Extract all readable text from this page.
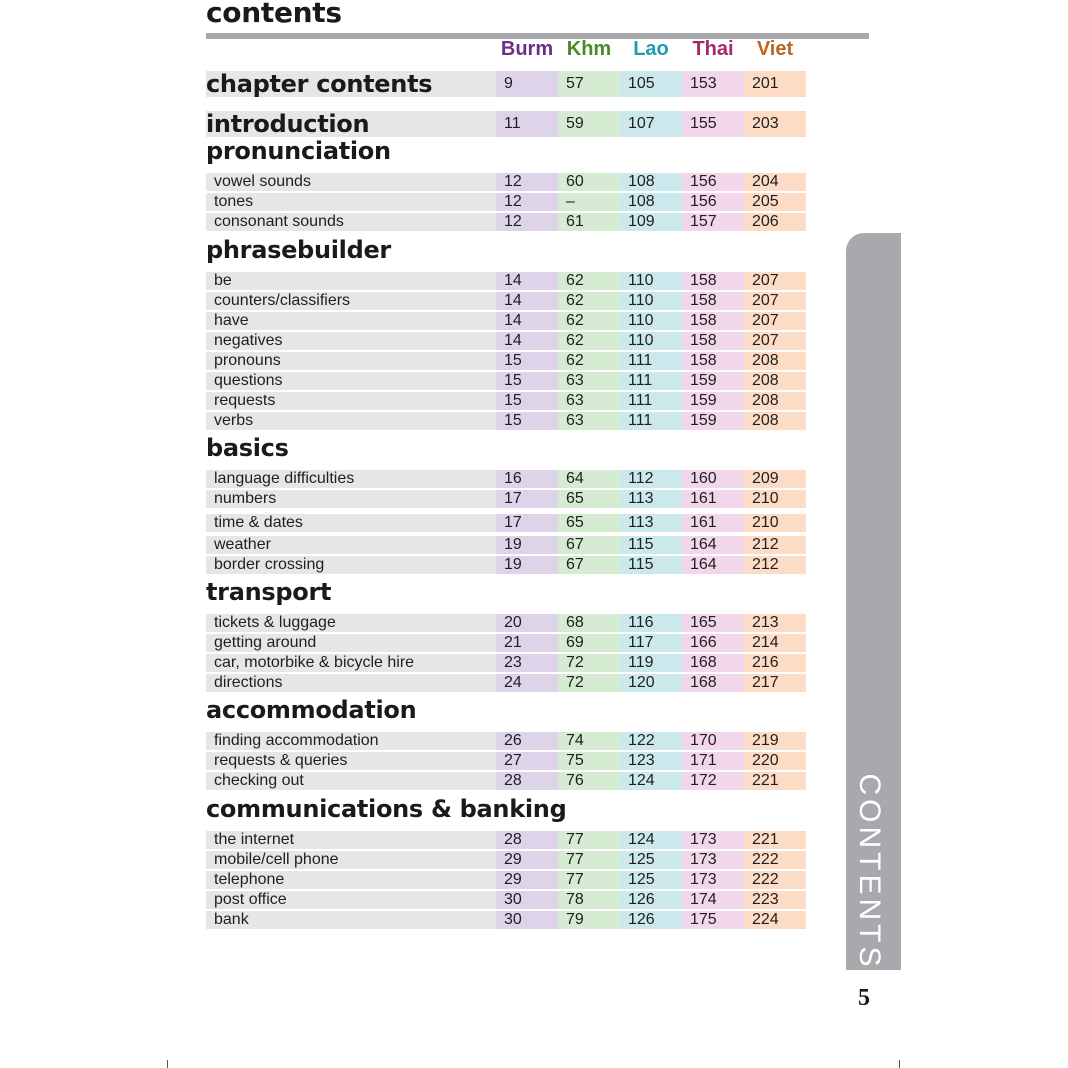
contents
Burm Khm	Lao	Thai	Viet
chapter contents	9	57	105 153 201
introduction	11	59	107 155 203
vowel sounds	12	60	108 156 204
tones	12	–	108 156 205
consonant sounds	12	61	109 157 206
be	14	62	110 158 207
counters/classifiers	14	62	110 158 207
have	14	62	110 158 207
negatives	14	62	110 158 207
pronouns	15	62	111 158 208
questions	15	63	111 159 208
requests	15	63	111 159 208
verbs	15	63	111 159 208
language difficulties	16	64	112 160 209
numbers	17	65	113 161 210
time & dates	17	65	113 161 210
weather	19	67	115 164 212
border crossing	19	67	115 164 212
tickets & luggage	20	68	116 165 213
getting around	21	69	117 166 214
car, motorbike & bicycle hire	23	72	119 168 216
directions	24	72	120 168 217
finding accommodation	26	74	122 170 219
requests & queries	27	75	123 171 220
checking out	28	76	124 172 221
the internet	28	77	124 173 221
mobile/cell phone	29	77	125 173 222
telephone	29	77	125 173 222
post office	30	78	126 174 223
bank	30	79	126 175 224 CONTENTS
5
pronunciation
phrasebuilder
basics
transport
accommodation
communications & banking
